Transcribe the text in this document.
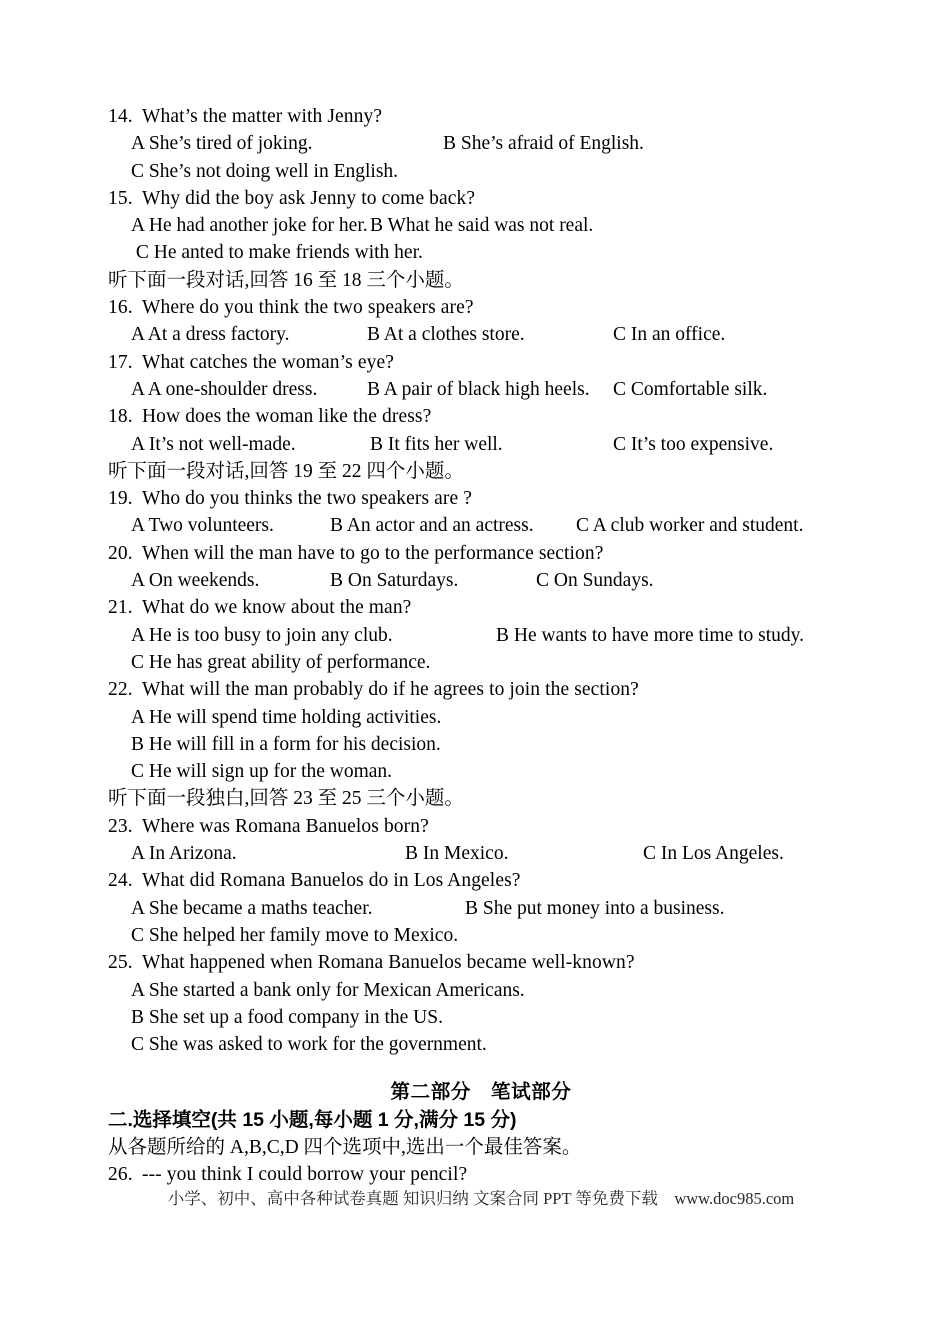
14. What’s the matter with Jenny?
A She’s tired of joking.	B She’s afraid of English.
C She’s not doing well in English.
15. Why did the boy ask Jenny to come back?
A He had another joke for her. B What he said was not real.
C He anted to make friends with her.
听下面一段对话,回答 16 至 18 三个小题。
16. Where do you think the two speakers are?
A At a dress factory.	B At a clothes store.	C In an office.
17. What catches the woman’s eye?
A A one-shoulder dress.	B A pair of black high heels. C Comfortable silk.
18. How does the woman like the dress?
A It’s not well-made.	B It fits her well.	C It’s too expensive.
听下面一段对话,回答 19 至 22 四个小题。
19. Who do you thinks the two speakers are ?
A Two volunteers.	B An actor and an actress. C A club worker and student.
20. When will the man have to go to the performance section?
A On weekends.	B On Saturdays.	C On Sundays.
21. What do we know about the man?
A He is too busy to join any club.	B He wants to have more time to study.
C He has great ability of performance.
22. What will the man probably do if he agrees to join the section?
A He will spend time holding activities.
B He will fill in a form for his decision.
C He will sign up for the woman.
听下面一段独白,回答 23 至 25 三个小题。
23. Where was Romana Banuelos born?
A In Arizona.	B In Mexico.	C In Los Angeles.
24. What did Romana Banuelos do in Los Angeles?
A She became a maths teacher.	B She put money into a business.
C She helped her family move to Mexico.
25. What happened when Romana Banuelos became well-known?
A She started a bank only for Mexican Americans.
B She set up a food company in the US.
C She was asked to work for the government.
第二部分　笔试部分
二.选择填空(共 15 小题,每小题 1 分,满分 15 分)
从各题所给的 A,B,C,D 四个选项中,选出一个最佳答案。
26. --- you think I could borrow your pencil?
小学、初中、高中各种试卷真题 知识归纳 文案合同 PPT 等免费下载　www.doc985.com
